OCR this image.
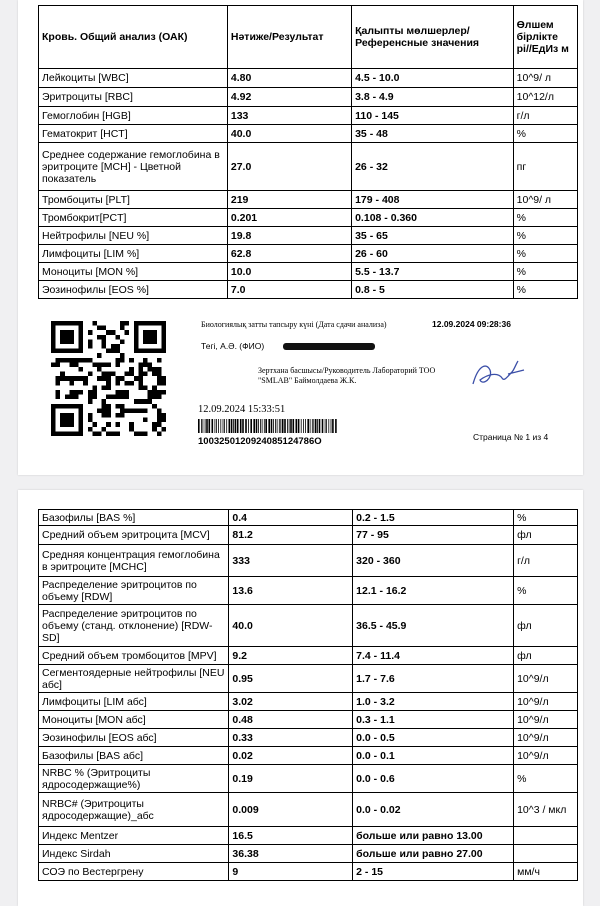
Кровь. Общий анализ (ОАК)	Нәтиже/Результат	Қалыпты мөлшерлер/Референсные значения	Өлшем бірлікте рі//ЕдИз м
Лейкоциты [WBC]	4.80	4.5 - 10.0	10^9/ л
Эритроциты [RBC]	4.92	3.8 - 4.9	10^12/л
Гемоглобин [HGB]	133	110 - 145	г/л
Гематокрит [HCT]	40.0	35 - 48	%
Среднее содержание гемоглобина в эритроците [MCH] - Цветной показатель	27.0	26 - 32	пг
Тромбоциты [PLT]	219	179 - 408	10^9/ л
Тромбокрит[PCT]	0.201	0.108 - 0.360	%
Нейтрофилы [NEU %]	19.8	35 - 65	%
Лимфоциты [LIM %]	62.8	26 - 60	%
Моноциты [MON %]	10.0	5.5 - 13.7	%
Эозинофилы [EOS %]	7.0	0.8 - 5	%
Биологиялық затты тапсыру күні (Дата сдачи анализа)	12.09.2024 09:28:36
Тегі, А.Ә. (ФИО)
Зертхана басшысы/Руководитель Лабораторий ТОО
"SMLAB" Баймолдаева Ж.К.
12.09.2024 15:33:51
1003250120924085124786O	Страница № 1 из 4
Базофилы [BAS %]	0.4	0.2 - 1.5	%
Средний объем эритроцита [MCV]	81.2	77 - 95	фл
Средняя концентрация гемоглобина в эритроците [MCHC]	333	320 - 360	г/л
Распределение эритроцитов по объему [RDW]	13.6	12.1 - 16.2	%
Распределение эритроцитов по объему (станд. отклонение) [RDW-SD]	40.0	36.5 - 45.9	фл
Средний объем тромбоцитов [MPV]	9.2	7.4 - 11.4	фл
Сегментоядерные нейтрофилы [NEU абс]	0.95	1.7 - 7.6	10^9/л
Лимфоциты [LIM абс]	3.02	1.0 - 3.2	10^9/л
Моноциты [MON абс]	0.48	0.3 - 1.1	10^9/л
Эозинофилы [EOS абс]	0.33	0.0 - 0.5	10^9/л
Базофилы [BAS абс]	0.02	0.0 - 0.1	10^9/л
NRBC % (Эритроциты ядросодержащие%)	0.19	0.0 - 0.6	%
NRBC# (Эритроциты ядросодержащие)_абс	0.009	0.0 - 0.02	10^3 / мкл
Индекс Mentzer	16.5	больше или равно 13.00	
Индекс Sirdah	36.38	больше или равно 27.00	
СОЭ по Вестергрену	9	2 - 15	мм/ч
